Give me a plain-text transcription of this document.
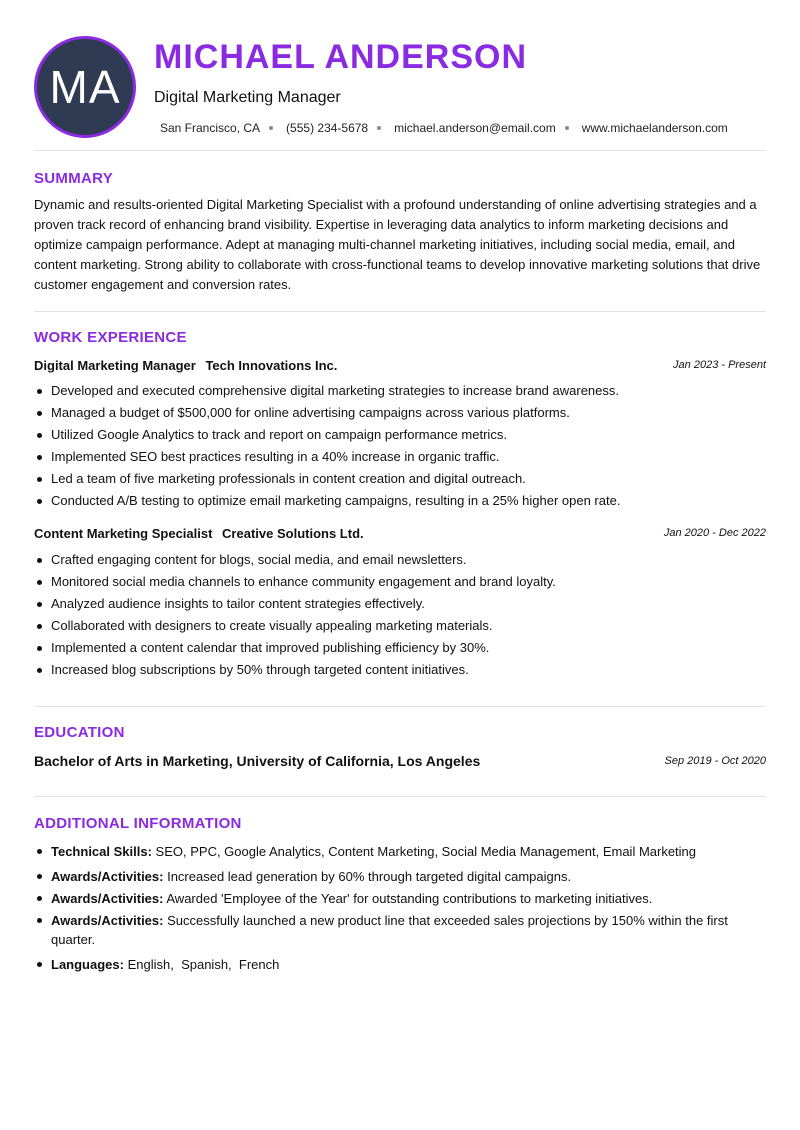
MA
MICHAEL ANDERSON
Digital Marketing Manager
San Francisco, CA (555) 234-5678 michael.anderson@email.com www.michaelanderson.com
SUMMARY
Dynamic and results-oriented Digital Marketing Specialist with a profound understanding of online advertising strategies and a proven track record of enhancing brand visibility. Expertise in leveraging data analytics to inform marketing decisions and optimize campaign performance. Adept at managing multi-channel marketing initiatives, including social media, email, and content marketing. Strong ability to collaborate with cross-functional teams to develop innovative marketing solutions that drive customer engagement and conversion rates.
WORK EXPERIENCE
Digital Marketing Manager Tech Innovations Inc.	Jan 2023 - Present
Developed and executed comprehensive digital marketing strategies to increase brand awareness.
Managed a budget of $500,000 for online advertising campaigns across various platforms.
Utilized Google Analytics to track and report on campaign performance metrics.
Implemented SEO best practices resulting in a 40% increase in organic traffic.
Led a team of five marketing professionals in content creation and digital outreach.
Conducted A/B testing to optimize email marketing campaigns, resulting in a 25% higher open rate.
Content Marketing Specialist Creative Solutions Ltd.	Jan 2020 - Dec 2022
Crafted engaging content for blogs, social media, and email newsletters.
Monitored social media channels to enhance community engagement and brand loyalty.
Analyzed audience insights to tailor content strategies effectively.
Collaborated with designers to create visually appealing marketing materials.
Implemented a content calendar that improved publishing efficiency by 30%.
Increased blog subscriptions by 50% through targeted content initiatives.
EDUCATION
Bachelor of Arts in Marketing, University of California, Los Angeles	Sep 2019 - Oct 2020
ADDITIONAL INFORMATION
Technical Skills: SEO, PPC, Google Analytics, Content Marketing, Social Media Management, Email Marketing
Awards/Activities: Increased lead generation by 60% through targeted digital campaigns.
Awards/Activities: Awarded 'Employee of the Year' for outstanding contributions to marketing initiatives.
Awards/Activities: Successfully launched a new product line that exceeded sales projections by 150% within the first quarter.
Languages: English,  Spanish,  French
